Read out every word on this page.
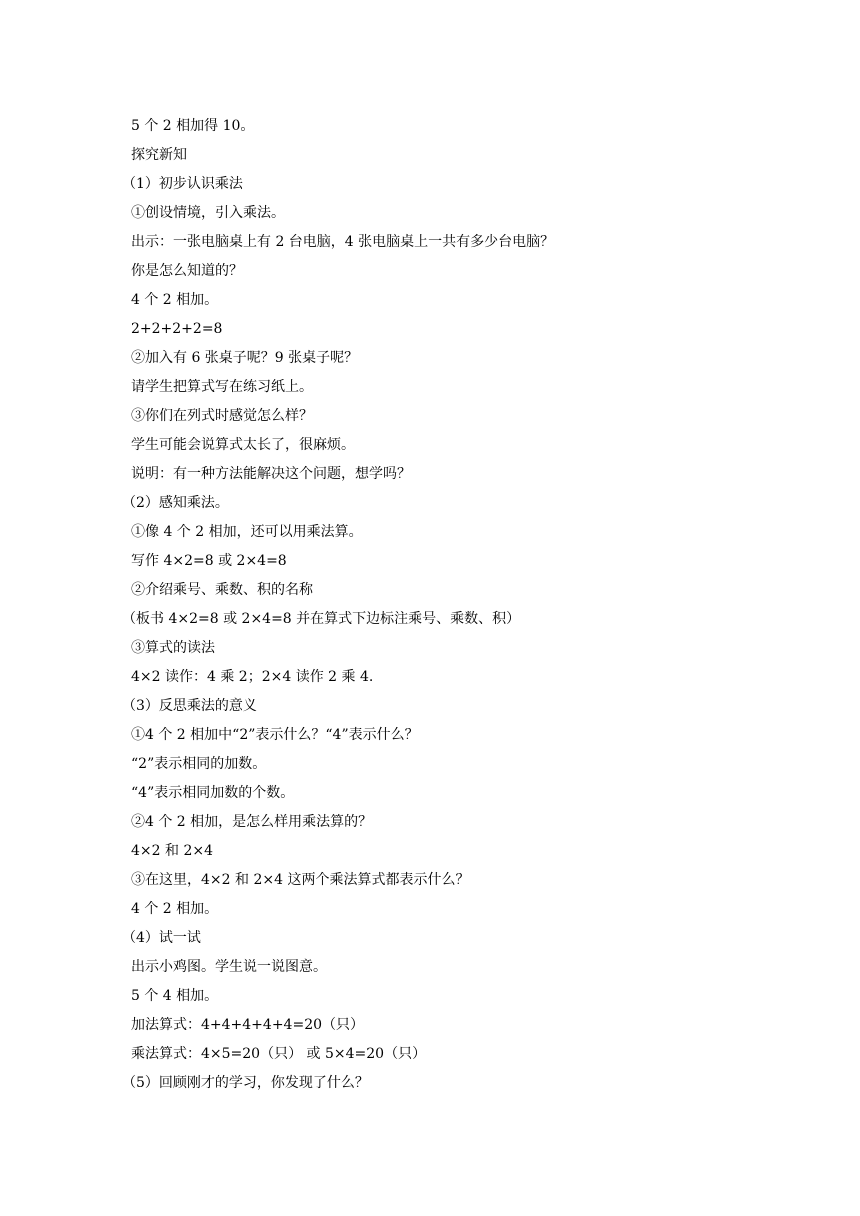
5 个 2 相加得 10。
探究新知
（1）初步认识乘法
①创设情境，引入乘法。
出示：一张电脑桌上有 2 台电脑，4 张电脑桌上一共有多少台电脑？
你是怎么知道的？
4 个 2 相加。
2+2+2+2=8
②加入有 6 张桌子呢？9 张桌子呢？
请学生把算式写在练习纸上。
③你们在列式时感觉怎么样？
学生可能会说算式太长了，很麻烦。
说明：有一种方法能解决这个问题，想学吗？
（2）感知乘法。
①像 4 个 2 相加，还可以用乘法算。
写作 4×2=8 或 2×4=8
②介绍乘号、乘数、积的名称
（板书 4×2=8 或 2×4=8 并在算式下边标注乘号、乘数、积）
③算式的读法
4×2 读作：4 乘 2；2×4 读作 2 乘 4.
（3）反思乘法的意义
①4 个 2 相加中“2”表示什么？“4”表示什么？
“2”表示相同的加数。
“4”表示相同加数的个数。
②4 个 2 相加，是怎么样用乘法算的？
4×2 和 2×4
③在这里，4×2 和 2×4 这两个乘法算式都表示什么？
4 个 2 相加。
（4）试一试
出示小鸡图。学生说一说图意。
5 个 4 相加。
加法算式：4+4+4+4+4=20（只）
乘法算式：4×5=20（只） 或 5×4=20（只）
（5）回顾刚才的学习，你发现了什么？
